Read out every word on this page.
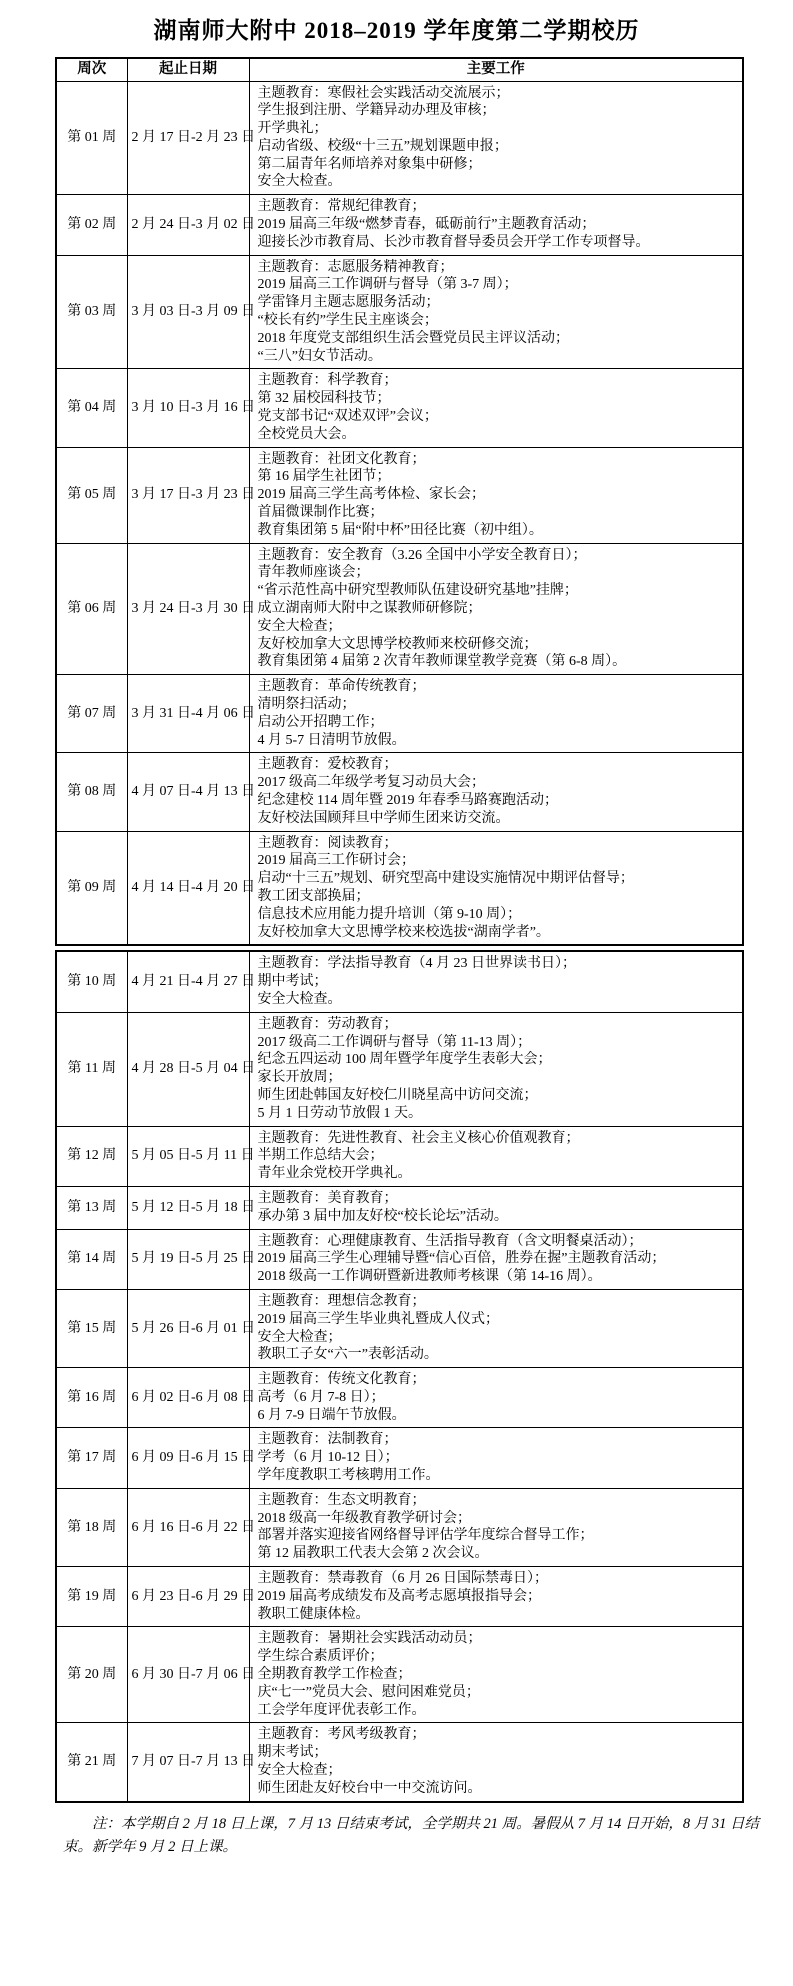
湖南师大附中 2018–2019 学年度第二学期校历
周次	起止日期	主要工作
第 01 周	2 月 17 日-2 月 23 日	
主题教育：寒假社会实践活动交流展示；
学生报到注册、学籍异动办理及审核；
开学典礼；
启动省级、校级“十三五”规划课题申报；
第二届青年名师培养对象集中研修；
安全大检查。

第 02 周	2 月 24 日-3 月 02 日	主题教育：常规纪律教育；
2019 届高三年级“燃梦青春，砥砺前行”主题教育活动；
迎接长沙市教育局、长沙市教育督导委员会开学工作专项督导。

第 03 周	3 月 03 日-3 月 09 日	
主题教育：志愿服务精神教育；
2019 届高三工作调研与督导（第 3-7 周）；
学雷锋月主题志愿服务活动；
“校长有约”学生民主座谈会；
2018 年度党支部组织生活会暨党员民主评议活动；
“三八”妇女节活动。

第 04 周	3 月 10 日-3 月 16 日	主题教育：科学教育；
第 32 届校园科技节；
党支部书记“双述双评”会议；
全校党员大会。

第 05 周	3 月 17 日-3 月 23 日	主题教育：社团文化教育；
第 16 届学生社团节；
2019 届高三学生高考体检、家长会；
首届微课制作比赛；
教育集团第 5 届“附中杯”田径比赛（初中组）。

第 06 周	3 月 24 日-3 月 30 日	
主题教育：安全教育（3.26 全国中小学安全教育日）；
青年教师座谈会；
“省示范性高中研究型教师队伍建设研究基地”挂牌；
成立湖南师大附中之谋教师研修院；
安全大检查；
友好校加拿大文思博学校教师来校研修交流；
教育集团第 4 届第 2 次青年教师课堂教学竞赛（第 6-8 周）。

第 07 周	3 月 31 日-4 月 06 日	主题教育：革命传统教育；
清明祭扫活动；
启动公开招聘工作；
4 月 5-7 日清明节放假。

第 08 周	4 月 07 日-4 月 13 日	主题教育：爱校教育；
2017 级高二年级学考复习动员大会；
纪念建校 114 周年暨 2019 年春季马路赛跑活动；
友好校法国顾拜旦中学师生团来访交流。

第 09 周	4 月 14 日-4 月 20 日	
主题教育：阅读教育；
2019 届高三工作研讨会；
启动“十三五”规划、研究型高中建设实施情况中期评估督导；
教工团支部换届；
信息技术应用能力提升培训（第 9-10 周）；
友好校加拿大文思博学校来校选拔“湖南学者”。
第 10 周	4 月 21 日-4 月 27 日	主题教育：学法指导教育（4 月 23 日世界读书日）；
期中考试；
安全大检查。

第 11 周	4 月 28 日-5 月 04 日	
主题教育：劳动教育；
2017 级高二工作调研与督导（第 11-13 周）；
纪念五四运动 100 周年暨学年度学生表彰大会；
家长开放周；
师生团赴韩国友好校仁川晓星高中访问交流；
5 月 1 日劳动节放假 1 天。

第 12 周	5 月 05 日-5 月 11 日	主题教育：先进性教育、社会主义核心价值观教育；
半期工作总结大会；
青年业余党校开学典礼。

第 13 周	5 月 12 日-5 月 18 日	主题教育：美育教育；
承办第 3 届中加友好校“校长论坛”活动。

第 14 周	5 月 19 日-5 月 25 日	主题教育：心理健康教育、生活指导教育（含文明餐桌活动）；
2019 届高三学生心理辅导暨“信心百倍，胜券在握”主题教育活动；
2018 级高一工作调研暨新进教师考核课（第 14-16 周）。

第 15 周	5 月 26 日-6 月 01 日	主题教育：理想信念教育；
2019 届高三学生毕业典礼暨成人仪式；
安全大检查；
教职工子女“六一”表彰活动。

第 16 周	6 月 02 日-6 月 08 日	主题教育：传统文化教育；
高考（6 月 7-8 日）；
6 月 7-9 日端午节放假。

第 17 周	6 月 09 日-6 月 15 日	主题教育：法制教育；
学考（6 月 10-12 日）；
学年度教职工考核聘用工作。

第 18 周	6 月 16 日-6 月 22 日	主题教育：生态文明教育；
2018 级高一年级教育教学研讨会；
部署并落实迎接省网络督导评估学年度综合督导工作；
第 12 届教职工代表大会第 2 次会议。

第 19 周	6 月 23 日-6 月 29 日	主题教育：禁毒教育（6 月 26 日国际禁毒日）；
2019 届高考成绩发布及高考志愿填报指导会；
教职工健康体检。

第 20 周	6 月 30 日-7 月 06 日	主题教育：暑期社会实践活动动员；
学生综合素质评价；
全期教育教学工作检查；
庆“七一”党员大会、慰问困难党员；
工会学年度评优表彰工作。

第 21 周	7 月 07 日-7 月 13 日	主题教育：考风考级教育；
期末考试；
安全大检查；
师生团赴友好校台中一中交流访问。

注：本学期自 2 月 18 日上课，7 月 13 日结束考试，全学期共 21 周。暑假从 7 月 14 日开始，8 月 31 日结束。新学年 9 月 2 日上课。
